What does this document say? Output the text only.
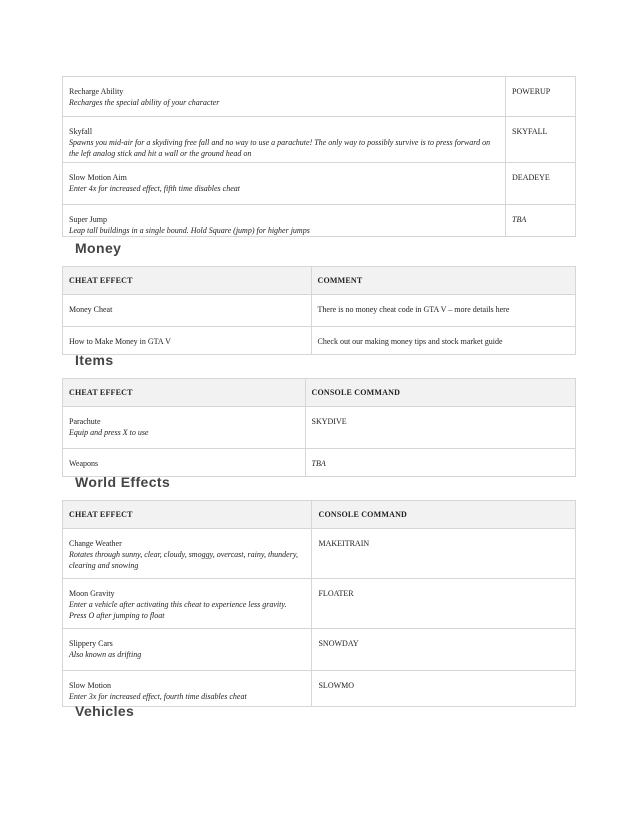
Recharge Ability
Recharges the special ability of your character	POWERUP

Skyfall
Spawns you mid-air for a skydiving free fall and no way to use a parachute! The only way to possibly survive is to press forward on the left analog stick and hit a wall or the ground head on	SKYFALL

Slow Motion Aim
Enter 4x for increased effect, fifth time disables cheat	DEADEYE

Super Jump
Leap tall buildings in a single bound. Hold Square (jump) for higher jumps	TBA
Money
CHEAT EFFECT	COMMENT
Money Cheat	There is no money cheat code in GTA V – more details here
How to Make Money in GTA V	Check out our making money tips and stock market guide
Items
CHEAT EFFECT	CONSOLE COMMAND

Parachute
Equip and press X to use	SKYDIVE
Weapons	TBA
World Effects
CHEAT EFFECT	CONSOLE COMMAND

Change Weather
Rotates through sunny, clear, cloudy, smoggy, overcast, rainy, thundery, clearing and snowing	MAKEITRAIN

Moon Gravity
Enter a vehicle after activating this cheat to experience less gravity. Press O after jumping to float	FLOATER

Slippery Cars
Also known as drifting	SNOWDAY

Slow Motion
Enter 3x for increased effect, fourth time disables cheat	SLOWMO
Vehicles
